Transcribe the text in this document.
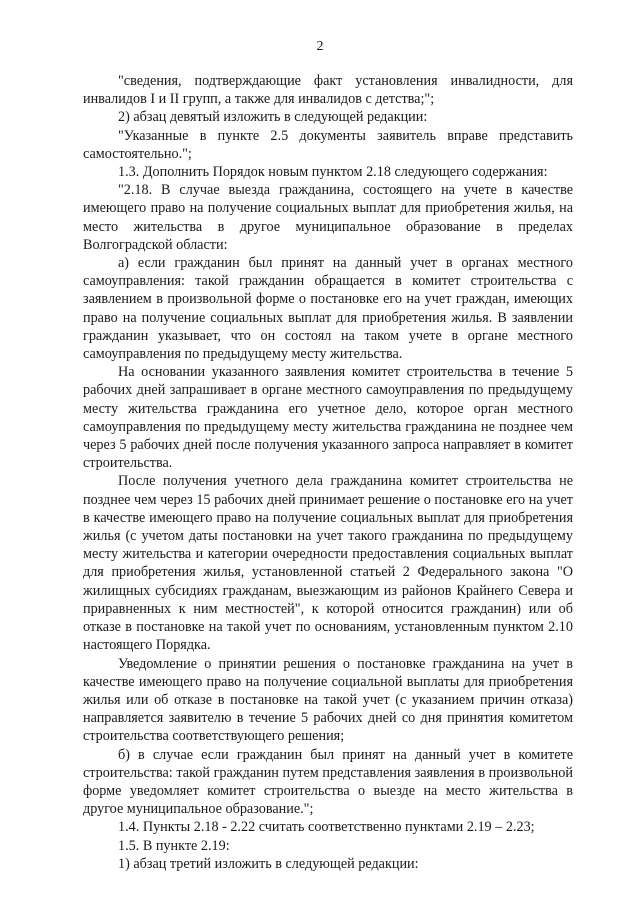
2

"сведения, подтверждающие факт установления инвалидности, для инвалидов I и II групп, а также для инвалидов с детства;";

2) абзац девятый изложить в следующей редакции:

"Указанные в пункте 2.5 документы заявитель вправе представить самостоятельно.";

1.3. Дополнить Порядок новым пунктом 2.18 следующего содержания:

"2.18. В случае выезда гражданина, состоящего на учете в качестве имеющего право на получение социальных выплат для приобретения жилья, на место жительства в другое муниципальное образование в пределах Волгоградской области:

а) если гражданин был принят на данный учет в органах местного самоуправления: такой гражданин обращается в комитет строительства с заявлением в произвольной форме о постановке его на учет граждан, имеющих право на получение социальных выплат для приобретения жилья. В заявлении гражданин указывает, что он состоял на таком учете в органе местного самоуправления по предыдущему месту жительства.

На основании указанного заявления комитет строительства в течение 5 рабочих дней запрашивает в органе местного самоуправления по предыдущему месту жительства гражданина его учетное дело, которое орган местного самоуправления по предыдущему месту жительства гражданина не позднее чем через 5 рабочих дней после получения указанного запроса направляет в комитет строительства.

После получения учетного дела гражданина комитет строительства не позднее чем через 15 рабочих дней принимает решение о постановке его на учет в качестве имеющего право на получение социальных выплат для приобретения жилья (с учетом даты постановки на учет такого гражданина по предыдущему месту жительства и категории очередности предоставления социальных выплат для приобретения жилья, установленной статьей 2 Федерального закона "О жилищных субсидиях гражданам, выезжающим из районов Крайнего Севера и приравненных к ним местностей", к которой относится гражданин) или об отказе в постановке на такой учет по основаниям, установленным пунктом 2.10 настоящего Порядка.

Уведомление о принятии решения о постановке гражданина на учет в качестве имеющего право на получение социальной выплаты для приобретения жилья или об отказе в постановке на такой учет (с указанием причин отказа) направляется заявителю в течение 5 рабочих дней со дня принятия комитетом строительства соответствующего решения;

б) в случае если гражданин был принят на данный учет в комитете строительства: такой гражданин путем представления заявления в произвольной форме уведомляет комитет строительства о выезде на место жительства в другое муниципальное образование.";

1.4. Пункты 2.18 - 2.22 считать соответственно пунктами 2.19 – 2.23;

1.5. В пункте 2.19:

1) абзац третий изложить в следующей редакции:
